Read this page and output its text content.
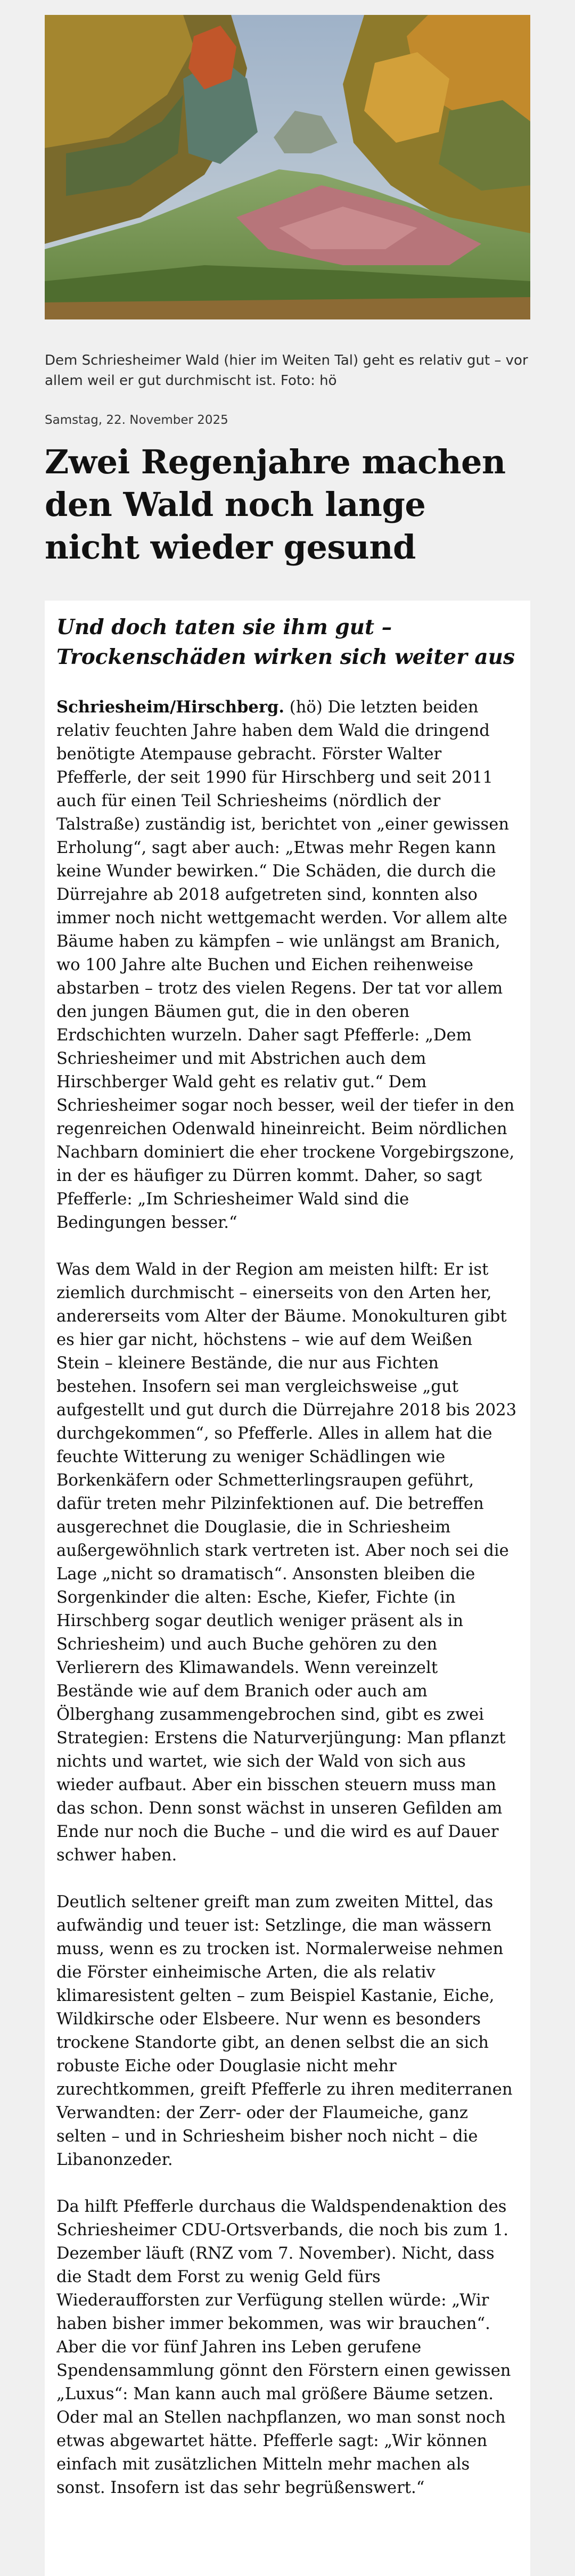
Dem Schriesheimer Wald (hier im Weiten Tal) geht es relativ gut – vor allem weil er gut durchmischt ist. Foto: hö

Samstag, 22. November 2025
Zwei Regenjahre machen den Wald noch lange nicht wieder gesund
Und doch taten sie ihm gut – Trockenschäden wirken sich weiter aus

Schriesheim/Hirschberg. (hö) Die letzten beiden relativ feuchten Jahre haben dem Wald die dringend benötigte Atempause gebracht. Förster Walter Pfefferle, der seit 1990 für Hirschberg und seit 2011 auch für einen Teil Schriesheims (nördlich der Talstraße) zuständig ist, berichtet von „einer gewissen Erholung“, sagt aber auch: „Etwas mehr Regen kann keine Wunder bewirken.“ Die Schäden, die durch die Dürrejahre ab 2018 aufgetreten sind, konnten also immer noch nicht wettgemacht werden. Vor allem alte Bäume haben zu kämpfen – wie unlängst am Branich, wo 100 Jahre alte Buchen und Eichen reihenweise abstarben – trotz des vielen Regens. Der tat vor allem den jungen Bäumen gut, die in den oberen Erdschichten wurzeln. Daher sagt Pfefferle: „Dem Schriesheimer und mit Abstrichen auch dem Hirschberger Wald geht es relativ gut.“ Dem Schriesheimer sogar noch besser, weil der tiefer in den regenreichen Odenwald hineinreicht. Beim nördlichen Nachbarn dominiert die eher trockene Vorgebirgszone, in der es häufiger zu Dürren kommt. Daher, so sagt Pfefferle: „Im Schriesheimer Wald sind die Bedingungen besser.“

Was dem Wald in der Region am meisten hilft: Er ist ziemlich durchmischt – einerseits von den Arten her, andererseits vom Alter der Bäume. Monokulturen gibt es hier gar nicht, höchstens – wie auf dem Weißen Stein – kleinere Bestände, die nur aus Fichten bestehen. Insofern sei man vergleichsweise „gut aufgestellt und gut durch die Dürrejahre 2018 bis 2023 durchgekommen“, so Pfefferle. Alles in allem hat die feuchte Witterung zu weniger Schädlingen wie Borkenkäfern oder Schmetterlingsraupen geführt, dafür treten mehr Pilzinfektionen auf. Die betreffen ausgerechnet die Douglasie, die in Schriesheim außergewöhnlich stark vertreten ist. Aber noch sei die Lage „nicht so dramatisch“. Ansonsten bleiben die Sorgenkinder die alten: Esche, Kiefer, Fichte (in Hirschberg sogar deutlich weniger präsent als in Schriesheim) und auch Buche gehören zu den Verlierern des Klimawandels. Wenn vereinzelt Bestände wie auf dem Branich oder auch am Ölberghang zusammengebrochen sind, gibt es zwei Strategien: Erstens die Naturverjüngung: Man pflanzt nichts und wartet, wie sich der Wald von sich aus wieder aufbaut. Aber ein bisschen steuern muss man das schon. Denn sonst wächst in unseren Gefilden am Ende nur noch die Buche – und die wird es auf Dauer schwer haben.

Deutlich seltener greift man zum zweiten Mittel, das aufwändig und teuer ist: Setzlinge, die man wässern muss, wenn es zu trocken ist. Normalerweise nehmen die Förster einheimische Arten, die als relativ klimaresistent gelten – zum Beispiel Kastanie, Eiche, Wildkirsche oder Elsbeere. Nur wenn es besonders trockene Standorte gibt, an denen selbst die an sich robuste Eiche oder Douglasie nicht mehr zurechtkommen, greift Pfefferle zu ihren mediterranen Verwandten: der Zerr- oder der Flaumeiche, ganz selten – und in Schriesheim bisher noch nicht – die Libanonzeder.

Da hilft Pfefferle durchaus die Waldspendenaktion des Schriesheimer CDU-Ortsverbands, die noch bis zum 1. Dezember läuft (RNZ vom 7. November). Nicht, dass die Stadt dem Forst zu wenig Geld fürs Wiederaufforsten zur Verfügung stellen würde: „Wir haben bisher immer bekommen, was wir brauchen“. Aber die vor fünf Jahren ins Leben gerufene Spendensammlung gönnt den Förstern einen gewissen „Luxus“: Man kann auch mal größere Bäume setzen. Oder mal an Stellen nachpflanzen, wo man sonst noch etwas abgewartet hätte. Pfefferle sagt: „Wir können einfach mit zusätzlichen Mitteln mehr machen als sonst. Insofern ist das sehr begrüßenswert.“
